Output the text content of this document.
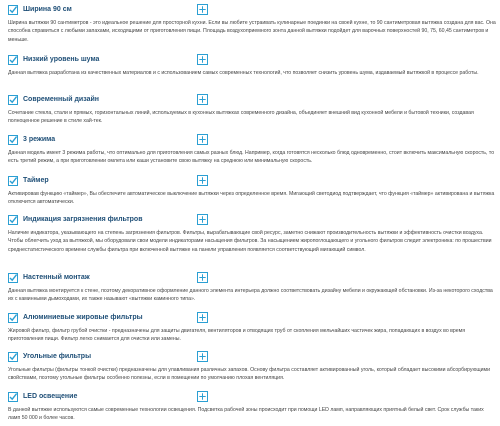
Ширина 90 см

Ширина вытяжки 90 сантиметров - это идеальное решение для просторной кухни. Если вы любите устраивать кулинарные поединки на своей кухне, то 90 сантиметровая вытяжка создана для вас. Она способна справиться с любыми запахами, исходящими от приготовления пищи. Площадь воздухоприемного зонта данной вытяжки подойдет для варочных поверхностей 90, 75, 60,45 сантиметров и меньше.

Низкий уровень шума

Данная вытяжка разработана из качественных материалов и с использованием самых современных технологий, что позволяет снизить уровень шума, издаваемый вытяжкой в процессе работы.

Современный дизайн

Сочетание стекла, стали и прямых, горизонтальных линий, используемых в кухонных вытяжках современного дизайна, объединяет внешний вид кухонной мебели и бытовой техники, создавая полноценное решение в стиле хай-тек.

3 режима

Данная модель имеет 3 режима работы, что оптимально для приготовления самых разных блюд. Например, когда готовятся несколько блюд одновременно, стоит включить максимальную скорость, то есть третий режим, а при приготовлении омлета или каши установите свою вытяжку на среднюю или минимальную скорость.

Таймер

Активировав функцию «таймер», Вы обеспечите автоматическое выключение вытяжки через определенное время. Мигающий светодиод подтверждает, что функция «таймер» активирована и вытяжка отключится автоматически.

Индикация загрязнения фильтров

Наличие индикатора, указывающего на степень загрязнения фильтров. Фильтры, вырабатывающие свой ресурс, заметно снижают производительность вытяжки и эффективность очистки воздуха. Чтобы облегчить уход за вытяжкой, мы оборудовали свои модели индикаторами насыщения фильтров. За насыщением жиропоглощающего и угольного фильтров следит электроника: по прошествии среднестатистического времени службы фильтра при включенной вытяжке на панели управления появляется соответствующий мигающий символ.

Настенный монтаж

Данная вытяжка монтируется к стене, поэтому декоративное оформление данного элемента интерьера должно соответствовать дизайну мебели и окружающей обстановки. Из-за некоторого сходства их с каминными дымоходами, их также называют «вытяжки каминного типа».

Алюминиевые жировые фильтры

Жировой фильтр, фильтр грубой очистки - предназначены для защиты двигателя, вентиляторов и отводящих труб от скопления мельчайших частичек жира, попадающих в воздух во время приготовления пищи. Фильтр легко снимается для очистки или замены.

Угольные фильтры

Угольные фильтры (фильтры тонкой очистки) предназначены для улавливания различных запахов. Основу фильтра составляет активированный уголь, который обладает высокими абсорбирующими свойствами, поэтому угольные фильтры особенно полезны, если в помещении по умолчанию плохая вентиляция.

LED освещение

В данной вытяжке используются самые современные технологии освещения. Подсветка рабочей зоны происходит при помощи LED ламп, направляющих приятный белый свет. Срок службы таких ламп 50 000 и более часов.
